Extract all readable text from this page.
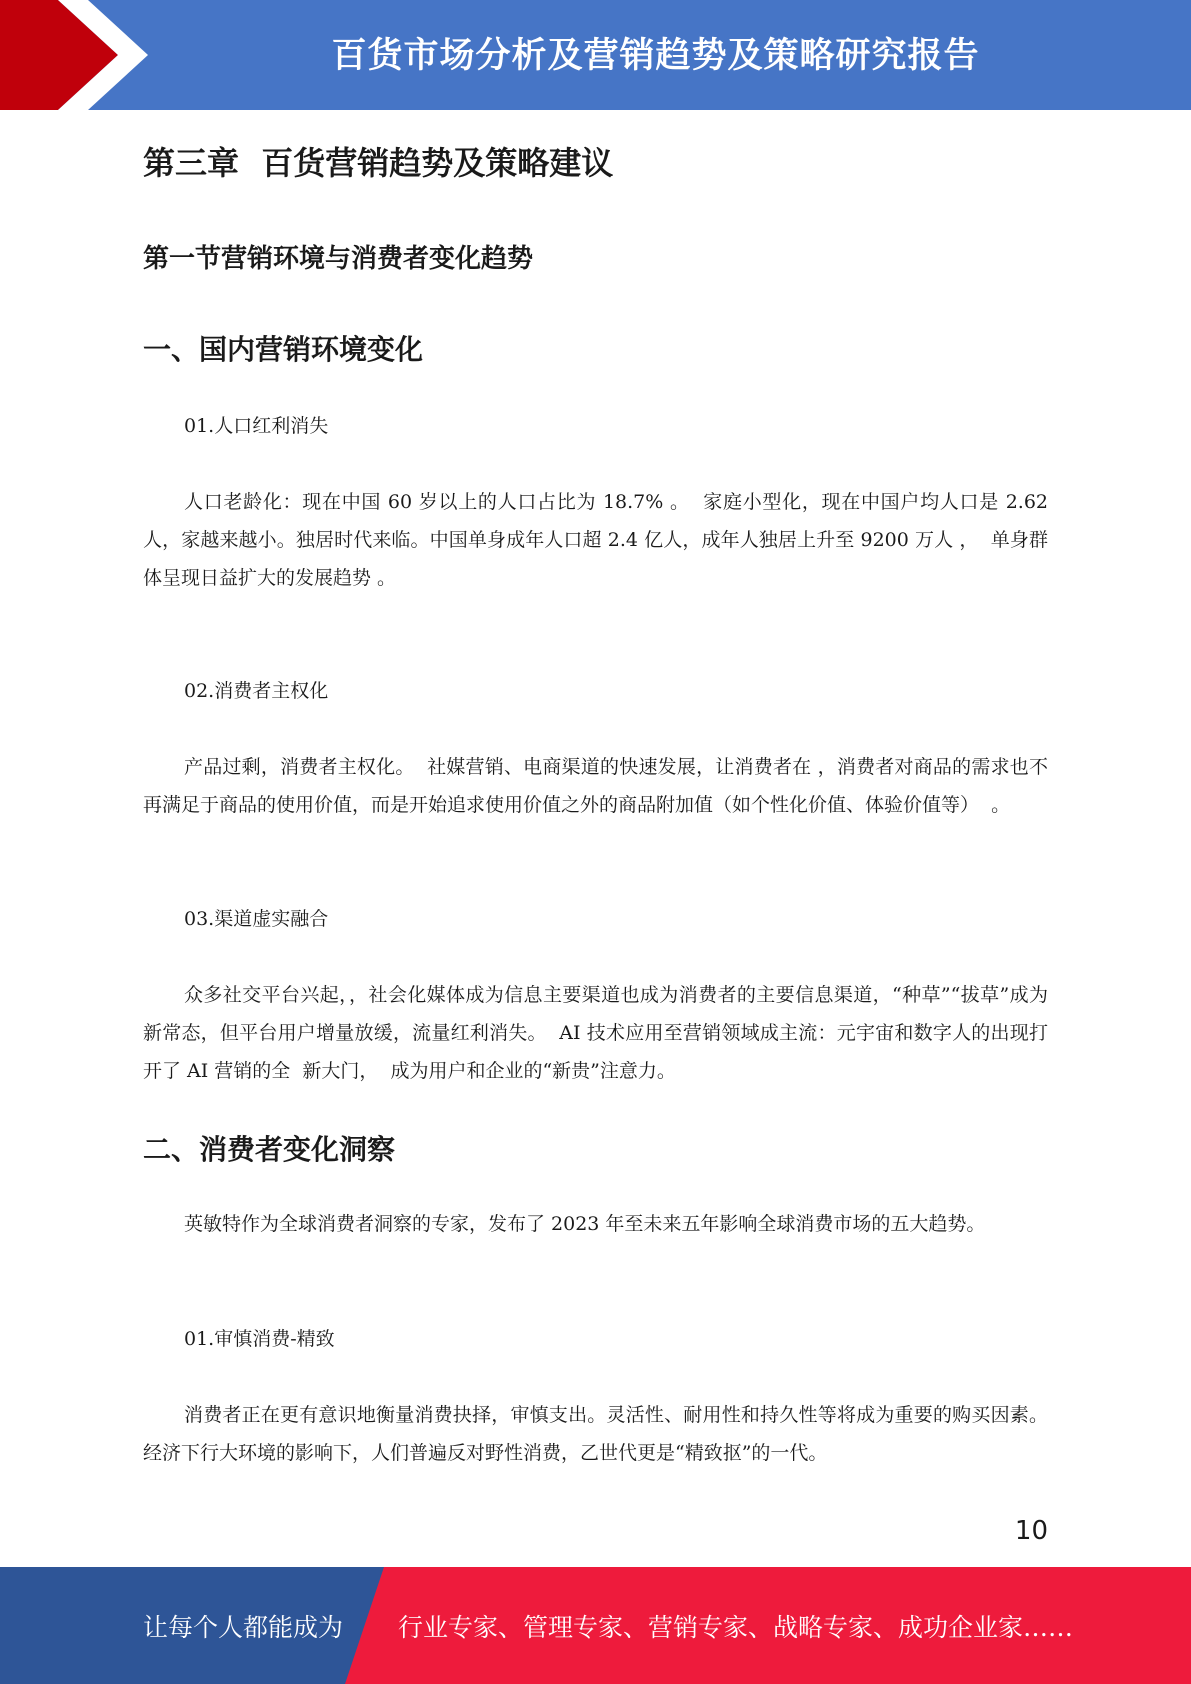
百货市场分析及营销趋势及策略研究报告
第三章  百货营销趋势及策略建议
第一节营销环境与消费者变化趋势
一、国内营销环境变化

01.人口红利消失

人口老龄化：现在中国 60 岁以上的人口占比为 18.7% 。  家庭小型化，现在中国户均人口是 2.62 人，家越来越小。独居时代来临。中国单身成年人口超 2.4 亿人，成年人独居上升至 9200 万人 ，  单身群体呈现日益扩大的发展趋势 。

02.消费者主权化

产品过剩，消费者主权化。  社媒营销、电商渠道的快速发展，让消费者在 ，消费者对商品的需求也不再满足于商品的使用价值，而是开始追求使用价值之外的商品附加值（如个性化价值、体验价值等）  。

03.渠道虚实融合

众多社交平台兴起，，社会化媒体成为信息主要渠道也成为消费者的主要信息渠道，“种草”“拔草”成为新常态，但平台用户增量放缓，流量红利消失。  AI 技术应用至营销领域成主流：元宇宙和数字人的出现打开了 AI 营销的全  新大门，  成为用户和企业的“新贵”注意力。

二、消费者变化洞察

英敏特作为全球消费者洞察的专家，发布了 2023 年至未来五年影响全球消费市场的五大趋势。

01.审慎消费-精致

消费者正在更有意识地衡量消费抉择，审慎支出。灵活性、耐用性和持久性等将成为重要的购买因素。经济下行大环境的影响下，人们普遍反对野性消费，乙世代更是“精致抠”的一代。

10
让每个人都能成为 行业专家、管理专家、营销专家、战略专家、成功企业家……
